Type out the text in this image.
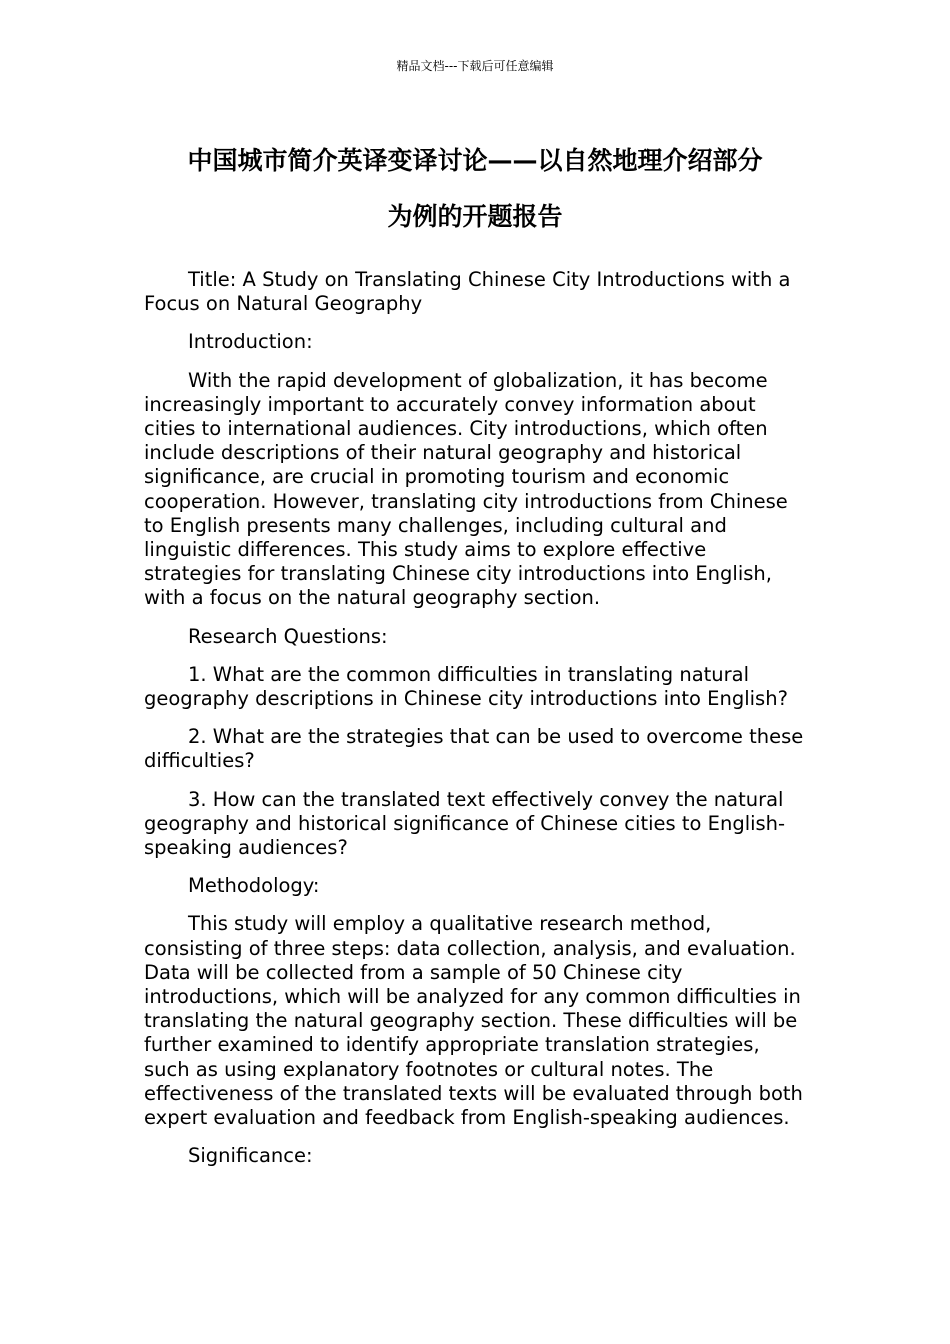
精品文档---下载后可任意编辑
中国城市简介英译变译讨论——以自然地理介绍部分
为例的开题报告

Title: A Study on Translating Chinese City Introductions with a Focus on Natural Geography

Introduction:

With the rapid development of globalization, it has become increasingly important to accurately convey information about cities to international audiences. City introductions, which often include descriptions of their natural geography and historical significance, are crucial in promoting tourism and economic cooperation. However, translating city introductions from Chinese to English presents many challenges, including cultural and linguistic differences. This study aims to explore effective strategies for translating Chinese city introductions into English, with a focus on the natural geography section.

Research Questions:

1. What are the common difficulties in translating natural geography descriptions in Chinese city introductions into English?

2. What are the strategies that can be used to overcome these difficulties?

3. How can the translated text effectively convey the natural geography and historical significance of Chinese cities to English-speaking audiences?

Methodology:

This study will employ a qualitative research method, consisting of three steps: data collection, analysis, and evaluation. Data will be collected from a sample of 50 Chinese city introductions, which will be analyzed for any common difficulties in translating the natural geography section. These difficulties will be further examined to identify appropriate translation strategies, such as using explanatory footnotes or cultural notes. The effectiveness of the translated texts will be evaluated through both expert evaluation and feedback from English-speaking audiences.

Significance:
